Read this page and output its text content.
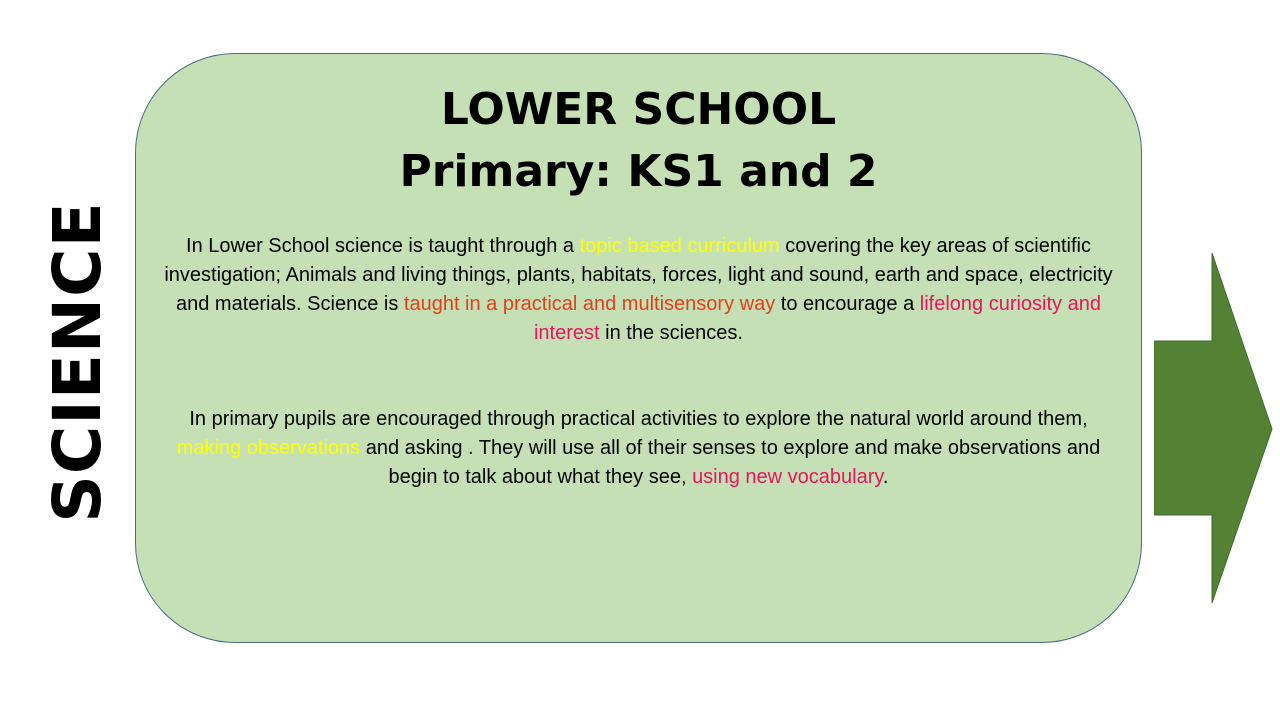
SCIENCE
LOWER SCHOOL
Primary: KS1 and 2

In Lower School science is taught through a topic based curriculum covering the key areas of scientific investigation; Animals and living things, plants, habitats, forces, light and sound, earth and space, electricity and materials. Science is taught in a practical and multisensory way to encourage a lifelong curiosity and interest in the sciences.

In primary pupils are encouraged through practical activities to explore the natural world around them, making observations and asking . They will use all of their senses to explore and make observations and begin to talk about what they see, using new vocabulary.
